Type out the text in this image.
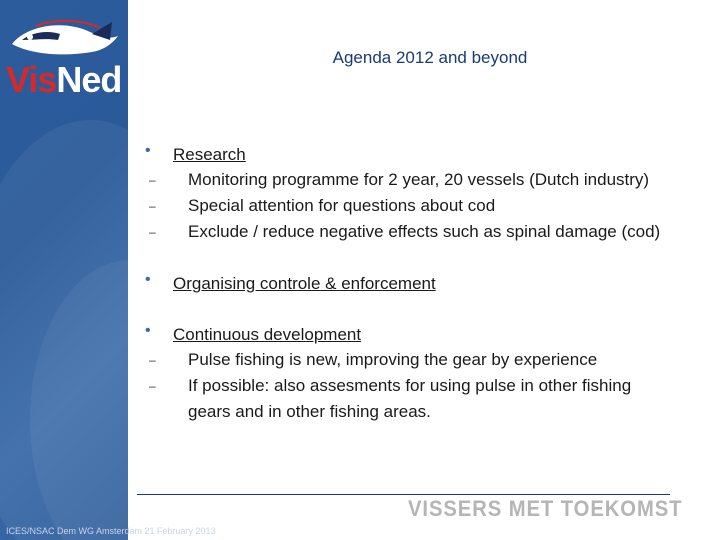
VisNed
Agenda 2012 and beyond
• Research
– Monitoring programme for 2 year, 20 vessels (Dutch industry)
– Special attention for questions about cod
– Exclude / reduce negative effects such as spinal damage (cod)
• Organising controle & enforcement
• Continuous development
– Pulse fishing is new, improving the gear by experience
– If possible: also assesments for using pulse in other fishing
gears and in other fishing areas.
VISSERS MET TOEKOMST
ICES/NSAC Dem WG Amsterdam 21 February 2013
